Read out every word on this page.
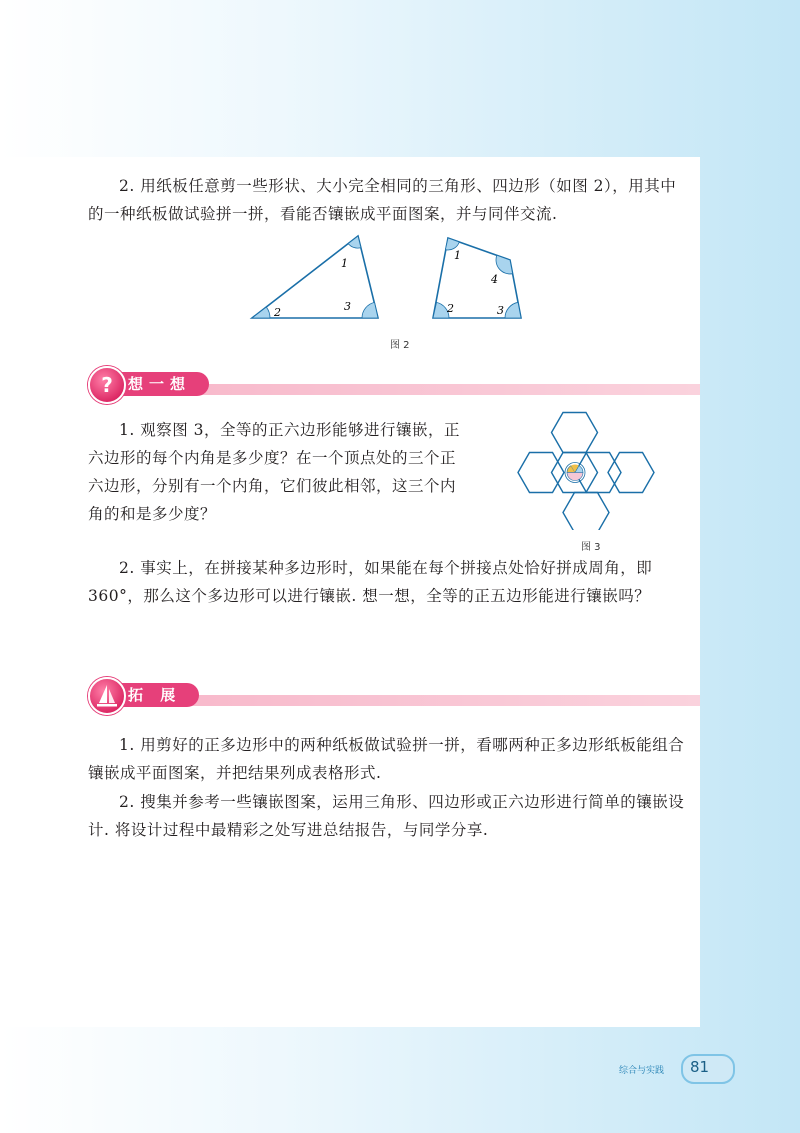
2. 用纸板任意剪一些形状、大小完全相同的三角形、四边形（如图 2），用其中的一种纸板做试验拼一拼，看能否镶嵌成平面图案，并与同伴交流.

1
2	3
1
2	3
4
图 2
想一想
?

1. 观察图 3，全等的正六边形能够进行镶嵌，正六边形的每个内角是多少度？在一个顶点处的三个正六边形，分别有一个内角，它们彼此相邻，这三个内角的和是多少度？

图 3

2. 事实上，在拼接某种多边形时，如果能在每个拼接点处恰好拼成周角，即 360°，那么这个多边形可以进行镶嵌. 想一想，全等的正五边形能进行镶嵌吗？

拓 展

1. 用剪好的正多边形中的两种纸板做试验拼一拼，看哪两种正多边形纸板能组合镶嵌成平面图案，并把结果列成表格形式.

2. 搜集并参考一些镶嵌图案，运用三角形、四边形或正六边形进行简单的镶嵌设计. 将设计过程中最精彩之处写进总结报告，与同学分享.

综合与实践 81
